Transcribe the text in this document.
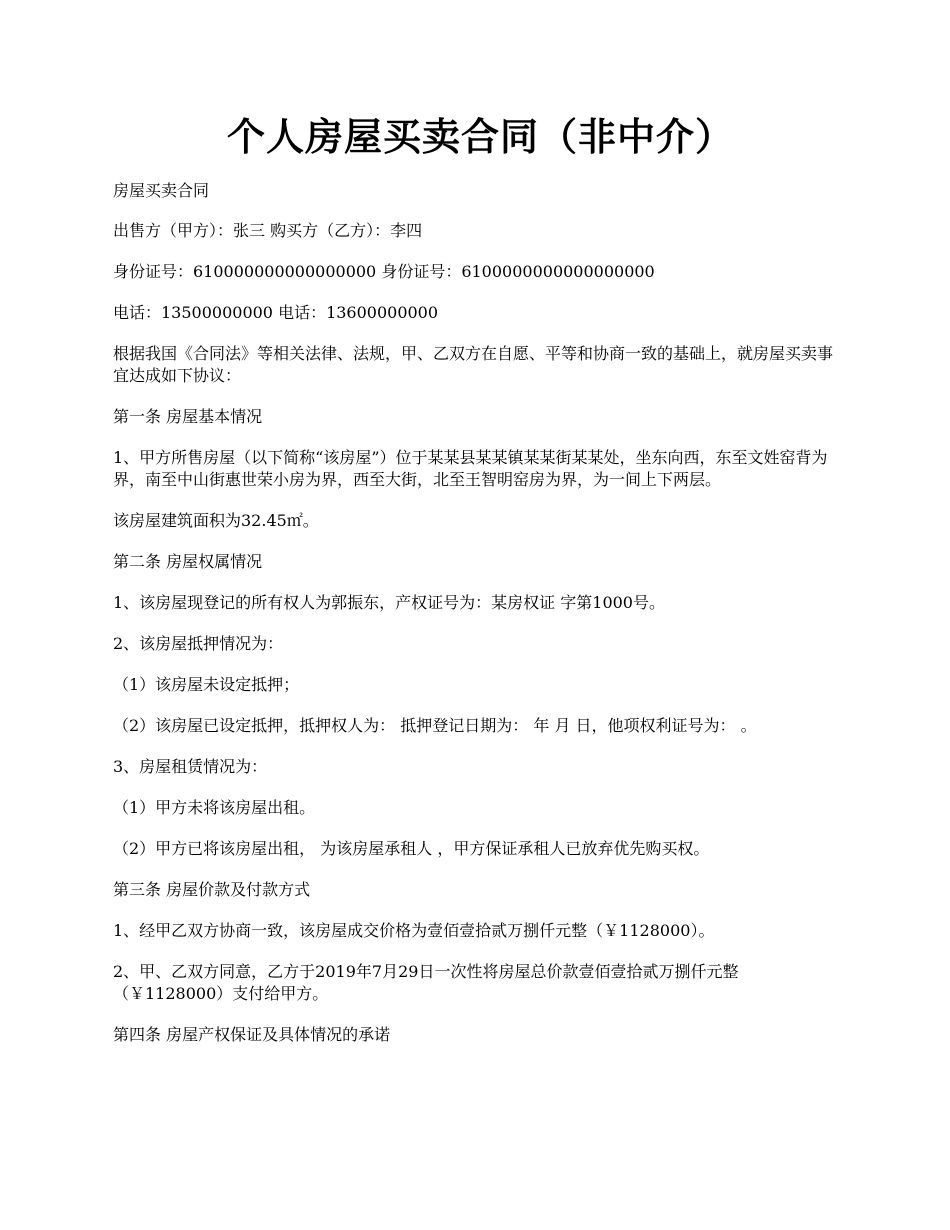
个人房屋买卖合同（非中介）

房屋买卖合同

出售方（甲方）：张三 购买方（乙方）：李四

身份证号：610000000000000000 身份证号：6100000000000000000

电话：13500000000 电话：13600000000

根据我国《合同法》等相关法律、法规，甲、乙双方在自愿、平等和协商一致的基础上，就房屋买卖事宜达成如下协议：

第一条 房屋基本情况

1、甲方所售房屋（以下简称“该房屋”）位于某某县某某镇某某街某某处，坐东向西，东至文姓窑背为界，南至中山街惠世荣小房为界，西至大街，北至王智明窑房为界，为一间上下两层。

该房屋建筑面积为32.45㎡。

第二条 房屋权属情况

1、该房屋现登记的所有权人为郭振东，产权证号为：某房权证 字第1000号。

2、该房屋抵押情况为：

（1）该房屋未设定抵押；

（2）该房屋已设定抵押，抵押权人为： 抵押登记日期为： 年 月 日，他项权利证号为： 。

3、房屋租赁情况为：

（1）甲方未将该房屋出租。

（2）甲方已将该房屋出租， 为该房屋承租人 ，甲方保证承租人已放弃优先购买权。

第三条 房屋价款及付款方式

1、经甲乙双方协商一致，该房屋成交价格为壹佰壹拾贰万捌仟元整（￥1128000）。

2、甲、乙双方同意，乙方于2019年7月29日一次性将房屋总价款壹佰壹拾贰万捌仟元整（￥1128000）支付给甲方。

第四条 房屋产权保证及具体情况的承诺
